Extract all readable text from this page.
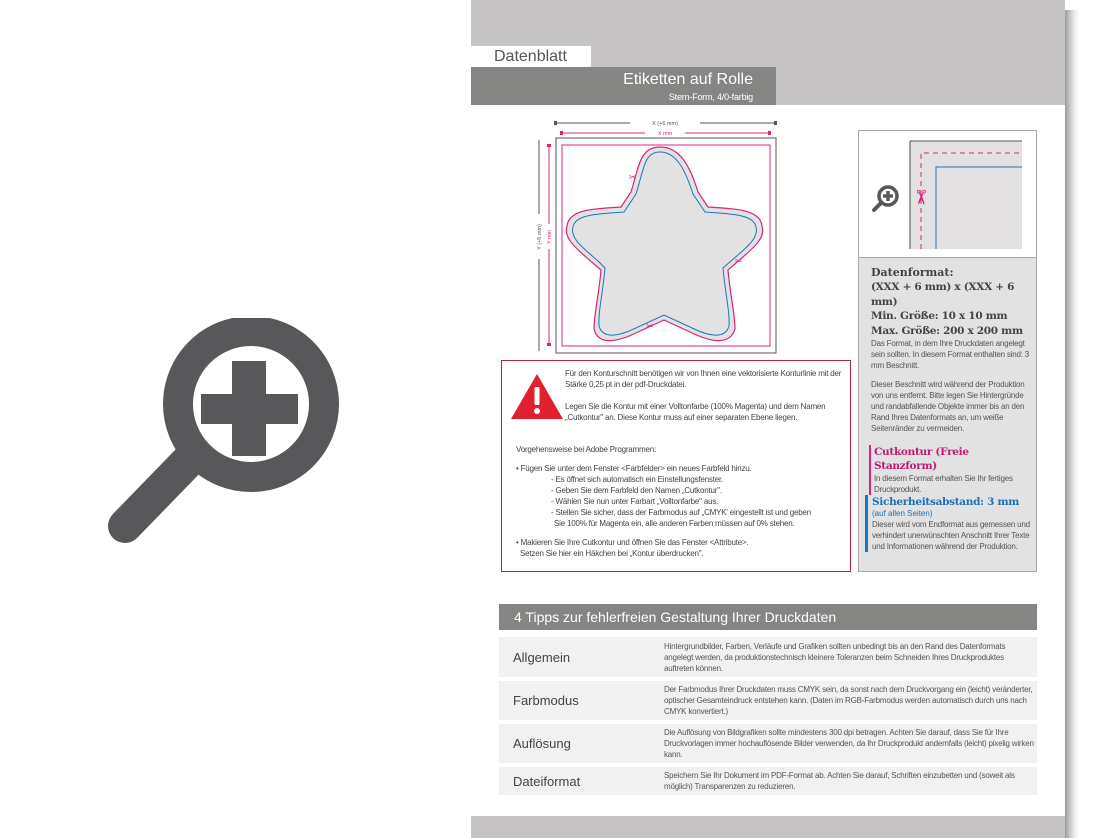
Datenblatt
Etiketten auf Rolle
Stern-Form, 4/0-farbig
X (+6 mm)
X mm
Y (+6 mm) Y mm
✂
✂
✂
Für den Konturschnitt benötigen wir von Ihnen eine vektorisierte Konturlinie mit der Stärke 0,25 pt in der pdf-Druckdatei.
Legen Sie die Kontur mit einer Volltonfarbe (100% Magenta) und dem Namen „Cutkontur" an. Diese Kontur muss auf einer separaten Ebene liegen.
Vorgehensweise bei Adobe Programmen:
• Fügen Sie unter dem Fenster <Farbfelder> ein neues Farbfeld hinzu.
- Es öffnet sich automatisch ein Einstellungsfenster.
- Geben Sie dem Farbfeld den Namen „Cutkontur".
- Wählen Sie nun unter Farbart „Volltonfarbe" aus.
- Stellen Sie sicher, dass der Farbmodus auf „CMYK' eingestellt ist und geben
Sie 100% für Magenta ein, alle anderen Farben müssen auf 0% stehen.
• Makieren Sie Ihre Cutkontur und öffnen Sie das Fenster <Attribute>.
Setzen Sie hier ein Häkchen bei „Kontur überdrucken".
✂
Datenformat:
(XXX + 6 mm) x (XXX + 6 mm)
Min. Größe: 10 x 10 mm
Max. Größe: 200 x 200 mm
Das Format, in dem Ihre Druckdaten angelegt sein sollten. In diesem Format enthalten sind: 3 mm Beschnitt.
Dieser Beschnitt wird während der Produktion von uns entfernt. Bitte legen Sie Hintergründe und randabfallende Objekte immer bis an den Rand Ihres Datenformats an, um weiße Seitenränder zu vermeiden.
Cutkontur (Freie Stanzform)
In diesem Format erhalten Sie Ihr fertiges Druckprodukt.
Sicherheitsabstand: 3 mm
(auf allen Seiten)
Dieser wird vom Endformat aus gemessen und verhindert unerwünschten Anschnitt Ihrer Texte und Informationen während der Produktion.
4 Tipps zur fehlerfreien Gestaltung Ihrer Druckdaten
Allgemein
Hintergrundbilder, Farben, Verläufe und Grafiken sollten unbedingt bis an den Rand des Datenformats angelegt werden, da produktionstechnisch kleinere Toleranzen beim Schneiden Ihres Druckproduktes auftreten können.
Farbmodus
Der Farbmodus Ihrer Druckdaten muss CMYK sein, da sonst nach dem Druckvorgang ein (leicht) veränderter, optischer Gesamteindruck entstehen kann. (Daten im RGB-Farbmodus werden automatisch durch uns nach CMYK konvertiert.)
Auflösung
Die Auflösung von Bildgrafiken sollte mindestens 300 dpi betragen. Achten Sie darauf, dass Sie für Ihre Druckvorlagen immer hochauflösende Bilder verwenden, da Ihr Druckprodukt andernfalls (leicht) pixelig wirken kann.
Dateiformat	Speichern Sie Ihr Dokument im PDF-Format ab. Achten Sie darauf, Schriften einzubetten und (soweit als möglich) Transparenzen zu reduzieren.
